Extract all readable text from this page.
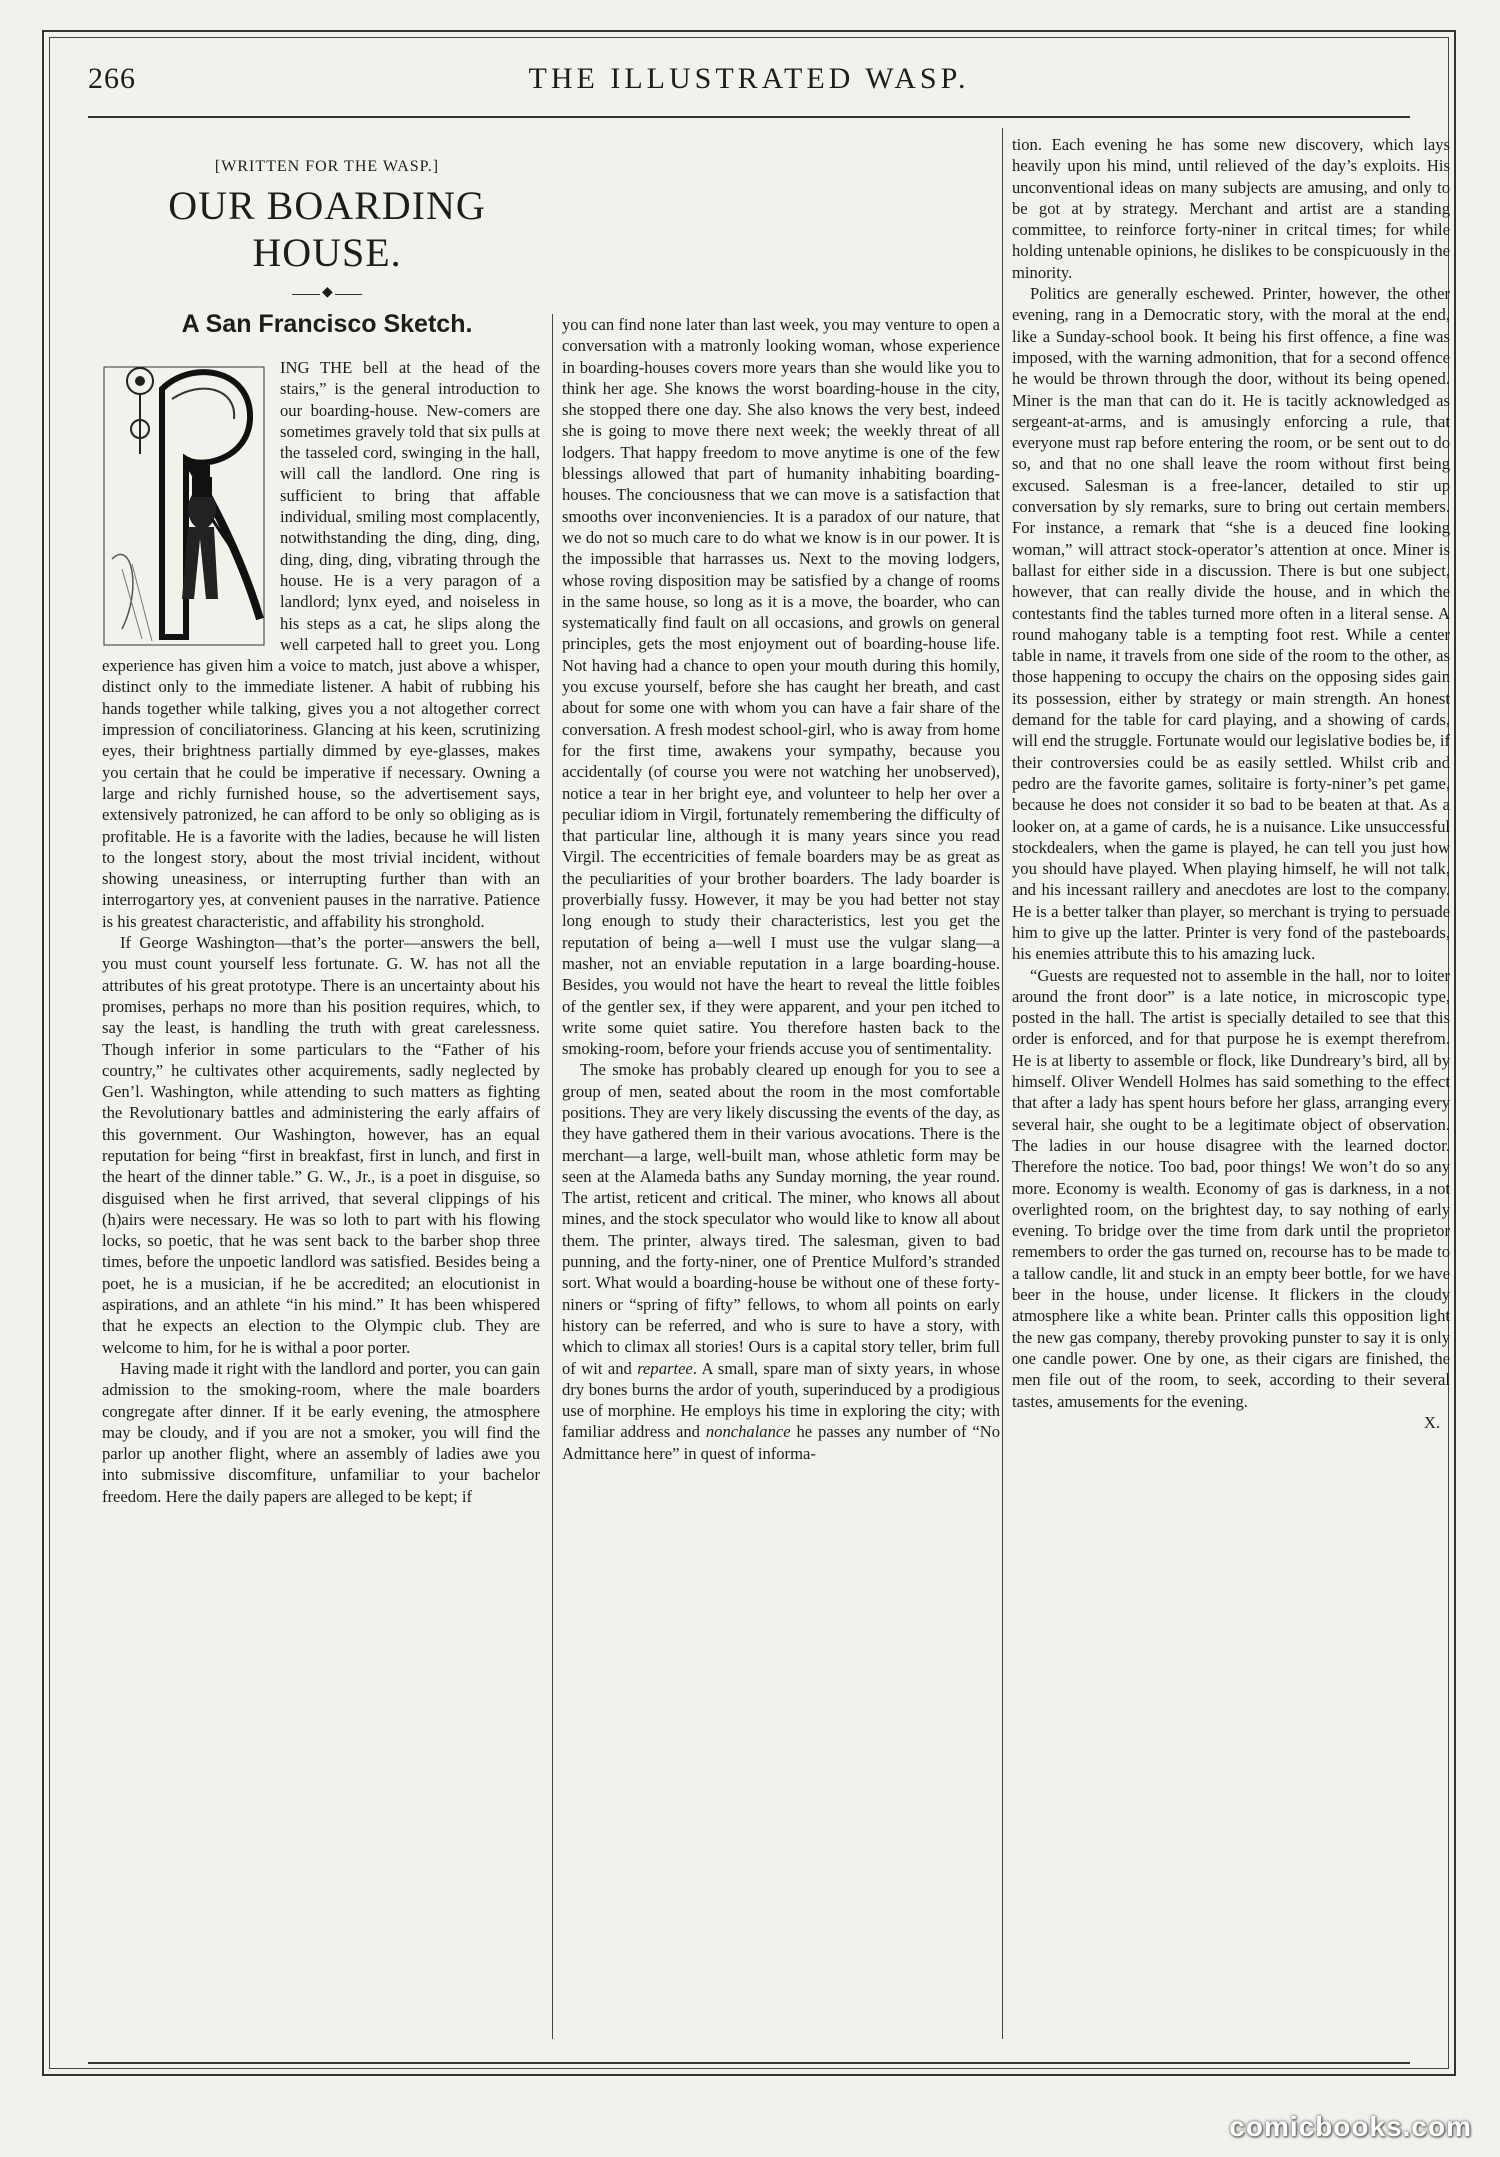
266	THE ILLUSTRATED WASP.
[WRITTEN FOR THE WASP.]
OUR BOARDING HOUSE.
◆
A San Francisco Sketch.

ING THE bell at the head of the stairs,” is the general introduction to our boarding-house. New-comers are sometimes gravely told that six pulls at the tasseled cord, swinging in the hall, will call the landlord. One ring is sufficient to bring that affable individual, smiling most complacently, notwithstanding the ding, ding, ding, ding, ding, ding, vibrating through the house. He is a very paragon of a landlord; lynx eyed, and noiseless in his steps as a cat, he slips along the well carpeted hall to greet you. Long experience has given him a voice to match, just above a whisper, distinct only to the immediate listener. A habit of rubbing his hands together while talking, gives you a not altogether correct impression of conciliatoriness. Glancing at his keen, scrutinizing eyes, their brightness partially dimmed by eye-glasses, makes you certain that he could be imperative if necessary. Owning a large and richly furnished house, so the advertisement says, extensively patronized, he can afford to be only so obliging as is profitable. He is a favorite with the ladies, because he will listen to the longest story, about the most trivial incident, without showing uneasiness, or interrupting further than with an interrogartory yes, at convenient pauses in the narrative. Patience is his greatest characteristic, and affability his stronghold.

If George Washington—that’s the porter—answers the bell, you must count yourself less fortunate. G. W. has not all the attributes of his great prototype. There is an uncertainty about his promises, perhaps no more than his position requires, which, to say the least, is handling the truth with great carelessness. Though inferior in some particulars to the “Father of his country,” he cultivates other acquirements, sadly neglected by Gen’l. Washington, while attending to such matters as fighting the Revolutionary battles and administering the early affairs of this government. Our Washington, however, has an equal reputation for being “first in breakfast, first in lunch, and first in the heart of the dinner table.” G. W., Jr., is a poet in disguise, so disguised when he first arrived, that several clippings of his (h)airs were necessary. He was so loth to part with his flowing locks, so poetic, that he was sent back to the barber shop three times, before the unpoetic landlord was satisfied. Besides being a poet, he is a musician, if he be accredited; an elocutionist in aspirations, and an athlete “in his mind.” It has been whispered that he expects an election to the Olympic club. They are welcome to him, for he is withal a poor porter.

Having made it right with the landlord and porter, you can gain admission to the smoking-room, where the male boarders congregate after dinner. If it be early evening, the atmosphere may be cloudy, and if you are not a smoker, you will find the parlor up another flight, where an assembly of ladies awe you into submissive discomfiture, unfamiliar to your bachelor freedom. Here the daily papers are alleged to be kept; if

you can find none later than last week, you may venture to open a conversation with a matronly looking woman, whose experience in boarding-houses covers more years than she would like you to think her age. She knows the worst boarding-house in the city, she stopped there one day. She also knows the very best, indeed she is going to move there next week; the weekly threat of all lodgers. That happy freedom to move anytime is one of the few blessings allowed that part of humanity inhabiting boarding-houses. The conciousness that we can move is a satisfaction that smooths over inconveniencies. It is a paradox of our nature, that we do not so much care to do what we know is in our power. It is the impossible that harrasses us. Next to the moving lodgers, whose roving disposition may be satisfied by a change of rooms in the same house, so long as it is a move, the boarder, who can systematically find fault on all occasions, and growls on general principles, gets the most enjoyment out of boarding-house life. Not having had a chance to open your mouth during this homily, you excuse yourself, before she has caught her breath, and cast about for some one with whom you can have a fair share of the conversation. A fresh modest school-girl, who is away from home for the first time, awakens your sympathy, because you accidentally (of course you were not watching her unobserved), notice a tear in her bright eye, and volunteer to help her over a peculiar idiom in Virgil, fortunately remembering the difficulty of that particular line, although it is many years since you read Virgil. The eccentricities of female boarders may be as great as the peculiarities of your brother boarders. The lady boarder is proverbially fussy. However, it may be you had better not stay long enough to study their characteristics, lest you get the reputation of being a—well I must use the vulgar slang—a masher, not an enviable reputation in a large boarding-house. Besides, you would not have the heart to reveal the little foibles of the gentler sex, if they were apparent, and your pen itched to write some quiet satire. You therefore hasten back to the smoking-room, before your friends accuse you of sentimentality.

The smoke has probably cleared up enough for you to see a group of men, seated about the room in the most comfortable positions. They are very likely discussing the events of the day, as they have gathered them in their various avocations. There is the merchant—a large, well-built man, whose athletic form may be seen at the Alameda baths any Sunday morning, the year round. The artist, reticent and critical. The miner, who knows all about mines, and the stock speculator who would like to know all about them. The printer, always tired. The salesman, given to bad punning, and the forty-niner, one of Prentice Mulford’s stranded sort. What would a boarding-house be without one of these forty-niners or “spring of fifty” fellows, to whom all points on early history can be referred, and who is sure to have a story, with which to climax all stories! Ours is a capital story teller, brim full of wit and repartee. A small, spare man of sixty years, in whose dry bones burns the ardor of youth, superinduced by a prodigious use of morphine. He employs his time in exploring the city; with familiar address and nonchalance he passes any number of “No Admittance here” in quest of informa-

tion. Each evening he has some new discovery, which lays heavily upon his mind, until relieved of the day’s exploits. His unconventional ideas on many subjects are amusing, and only to be got at by strategy. Merchant and artist are a standing committee, to reinforce forty-niner in critcal times; for while holding untenable opinions, he dislikes to be conspicuously in the minority.

Politics are generally eschewed. Printer, however, the other evening, rang in a Democratic story, with the moral at the end, like a Sunday-school book. It being his first offence, a fine was imposed, with the warning admonition, that for a second offence he would be thrown through the door, without its being opened. Miner is the man that can do it. He is tacitly acknowledged as sergeant-at-arms, and is amusingly enforcing a rule, that everyone must rap before entering the room, or be sent out to do so, and that no one shall leave the room without first being excused. Salesman is a free-lancer, detailed to stir up conversation by sly remarks, sure to bring out certain members. For instance, a remark that “she is a deuced fine looking woman,” will attract stock-operator’s attention at once. Miner is ballast for either side in a discussion. There is but one subject, however, that can really divide the house, and in which the contestants find the tables turned more often in a literal sense. A round mahogany table is a tempting foot rest. While a center table in name, it travels from one side of the room to the other, as those happening to occupy the chairs on the opposing sides gain its possession, either by strategy or main strength. An honest demand for the table for card playing, and a showing of cards, will end the struggle. Fortunate would our legislative bodies be, if their controversies could be as easily settled. Whilst crib and pedro are the favorite games, solitaire is forty-niner’s pet game, because he does not consider it so bad to be beaten at that. As a looker on, at a game of cards, he is a nuisance. Like unsuccessful stockdealers, when the game is played, he can tell you just how you should have played. When playing himself, he will not talk, and his incessant raillery and anecdotes are lost to the company. He is a better talker than player, so merchant is trying to persuade him to give up the latter. Printer is very fond of the pasteboards, his enemies attribute this to his amazing luck.

“Guests are requested not to assemble in the hall, nor to loiter around the front door” is a late notice, in microscopic type, posted in the hall. The artist is specially detailed to see that this order is enforced, and for that purpose he is exempt therefrom. He is at liberty to assemble or flock, like Dundreary’s bird, all by himself. Oliver Wendell Holmes has said something to the effect that after a lady has spent hours before her glass, arranging every several hair, she ought to be a legitimate object of observation. The ladies in our house disagree with the learned doctor. Therefore the notice. Too bad, poor things! We won’t do so any more. Economy is wealth. Economy of gas is darkness, in a not overlighted room, on the brightest day, to say nothing of early evening. To bridge over the time from dark until the proprietor remembers to order the gas turned on, recourse has to be made to a tallow candle, lit and stuck in an empty beer bottle, for we have beer in the house, under license. It flickers in the cloudy atmosphere like a white bean. Printer calls this opposition light the new gas company, thereby provoking punster to say it is only one candle power. One by one, as their cigars are finished, the men file out of the room, to seek, according to their several tastes, amusements for the evening.

X.

comicbooks.com
